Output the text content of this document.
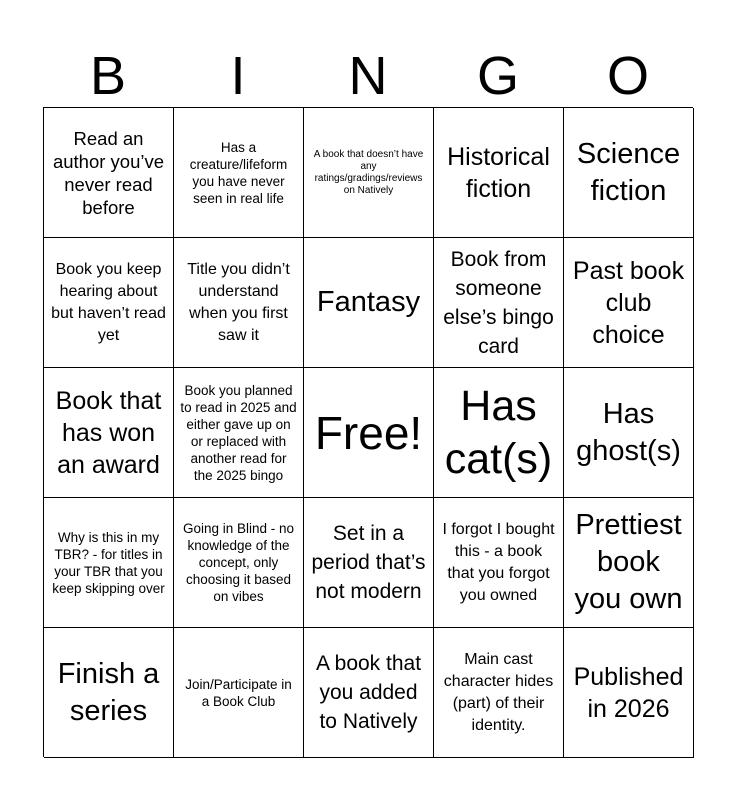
B	I	N	G	O
Read an author you’ve never read before
Has a creature/lifeform you have never seen in real life
A book that doesn’t have any ratings/gradings/reviews on Natively
Historical fiction
Science fiction
Book you keep hearing about but haven’t read yet
Title you didn’t understand when you first saw it
Fantasy
Book from someone else’s bingo card
Past book club choice
Book that has won an award
Book you planned to read in 2025 and either gave up on or replaced with another read for the 2025 bingo
Free!
Has cat(s)
Has ghost(s)
Why is this in my TBR? - for titles in your TBR that you keep skipping over
Going in Blind - no knowledge of the concept, only choosing it based on vibes
Set in a period that’s not modern
I forgot I bought this - a book that you forgot you owned
Prettiest book you own
Finish a series
Join/Participate in a Book Club
A book that you added to Natively
Main cast character hides (part) of their identity.
Published in 2026
